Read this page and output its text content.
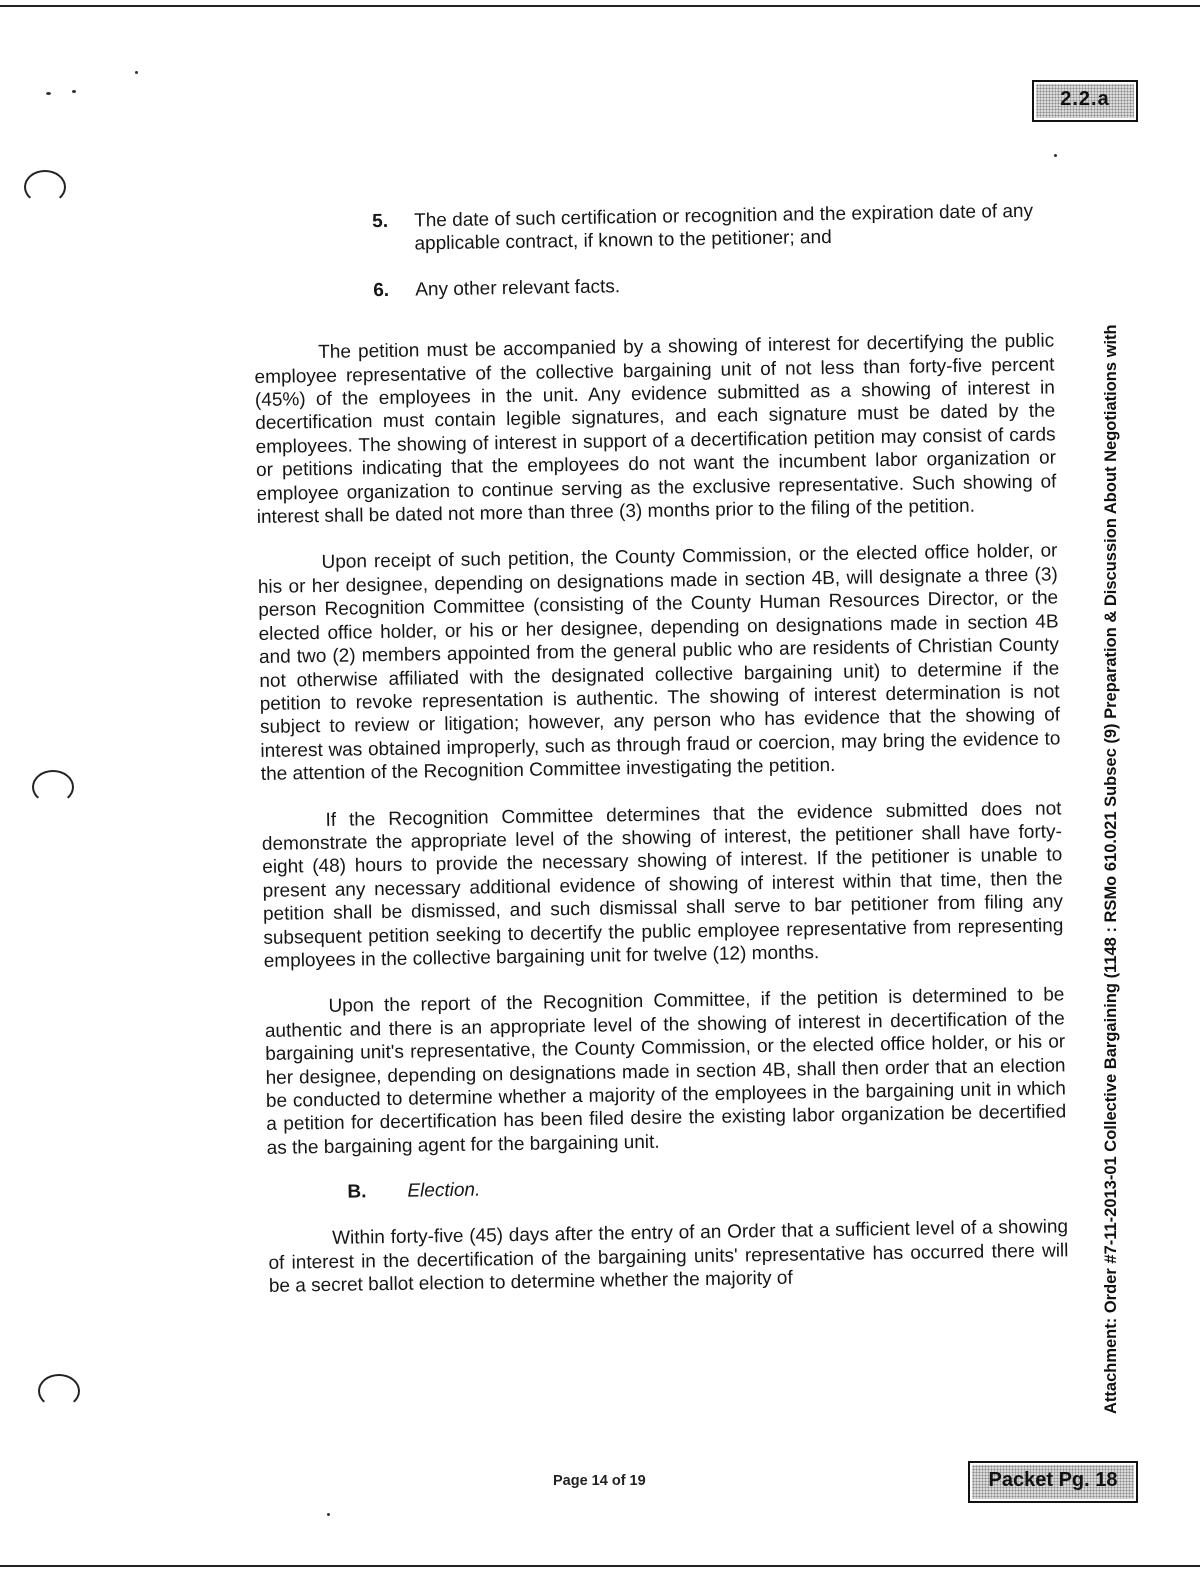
2.2.a
Attachment: Order #7-11-2013-01 Collective Bargaining (1148 : RSMo 610.021 Subsec (9) Preparation & Discussion About Negotiations with
5. The date of such certification or recognition and the expiration date of any applicable contract, if known to the petitioner; and
6. Any other relevant facts.

The petition must be accompanied by a showing of interest for decertifying the public employee representative of the collective bargaining unit of not less than forty-five percent (45%) of the employees in the unit. Any evidence submitted as a showing of interest in decertification must contain legible signatures, and each signature must be dated by the employees. The showing of interest in support of a decertification petition may consist of cards or petitions indicating that the employees do not want the incumbent labor organization or employee organization to continue serving as the exclusive representative. Such showing of interest shall be dated not more than three (3) months prior to the filing of the petition.

Upon receipt of such petition, the County Commission, or the elected office holder, or his or her designee, depending on designations made in section 4B, will designate a three (3) person Recognition Committee (consisting of the County Human Resources Director, or the elected office holder, or his or her designee, depending on designations made in section 4B and two (2) members appointed from the general public who are residents of Christian County not otherwise affiliated with the designated collective bargaining unit) to determine if the petition to revoke representation is authentic. The showing of interest determination is not subject to review or litigation; however, any person who has evidence that the showing of interest was obtained improperly, such as through fraud or coercion, may bring the evidence to the attention of the Recognition Committee investigating the petition.

If the Recognition Committee determines that the evidence submitted does not demonstrate the appropriate level of the showing of interest, the petitioner shall have forty-eight (48) hours to provide the necessary showing of interest. If the petitioner is unable to present any necessary additional evidence of showing of interest within that time, then the petition shall be dismissed, and such dismissal shall serve to bar petitioner from filing any subsequent petition seeking to decertify the public employee representative from representing employees in the collective bargaining unit for twelve (12) months.

Upon the report of the Recognition Committee, if the petition is determined to be authentic and there is an appropriate level of the showing of interest in decertification of the bargaining unit's representative, the County Commission, or the elected office holder, or his or her designee, depending on designations made in section 4B, shall then order that an election be conducted to determine whether a majority of the employees in the bargaining unit in which a petition for decertification has been filed desire the existing labor organization be decertified as the bargaining agent for the bargaining unit.

B. Election.

Within forty-five (45) days after the entry of an Order that a sufficient level of a showing of interest in the decertification of the bargaining units' representative has occurred there will be a secret ballot election to determine whether the majority of

Page 14 of 19	Packet Pg. 18
